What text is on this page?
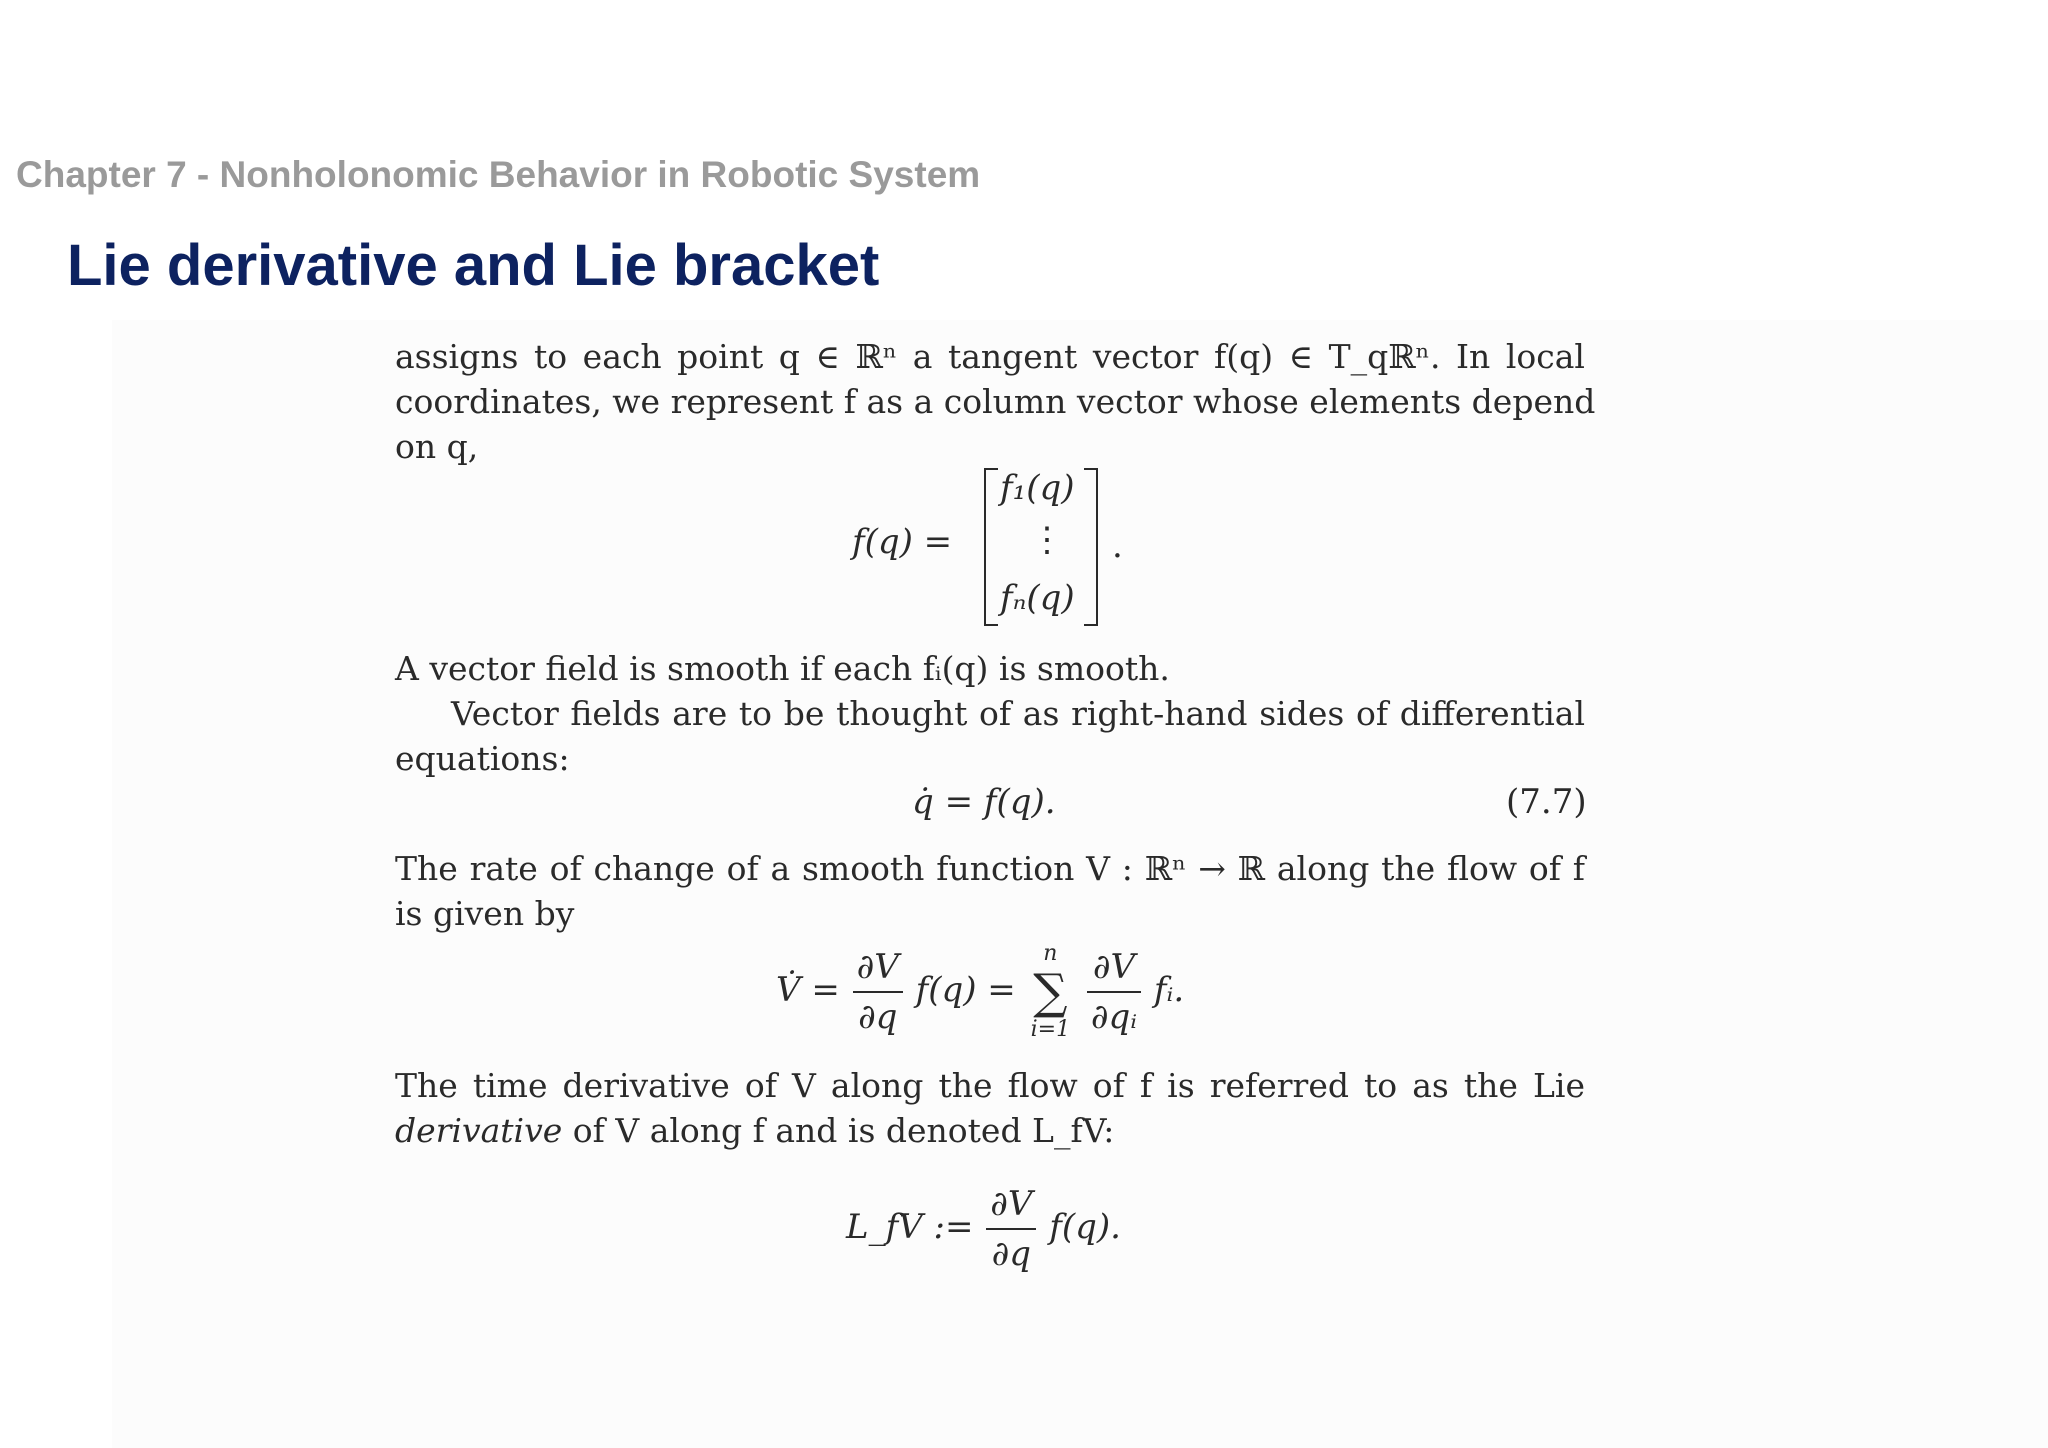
Chapter 7 - Nonholonomic Behavior in Robotic System
Lie derivative and Lie bracket
assigns to each point q ∈ ℝⁿ a tangent vector f(q) ∈ T_qℝⁿ. In local
coordinates, we represent f as a column vector whose elements depend
on q,
f(q) =
f₁(q)
⋮
fₙ(q)
.
A vector field is smooth if each fᵢ(q) is smooth.
Vector fields are to be thought of as right-hand sides of differential
equations:
q̇ = f(q).	(7.7)
The rate of change of a smooth function V : ℝⁿ → ℝ along the flow of f
is given by
V̇ = $\frac{\partial V}{\partial q} f(q)$ =
n
∑
i=1
$\frac{\partial V}{\text{∂qᵢ}}$ fᵢ.
The time derivative of V along the flow of f is referred to as the Lie
derivative of V along f and is denoted L_fV:
L_fV := $\frac{\partial V}{\partial q} f(q)$.
